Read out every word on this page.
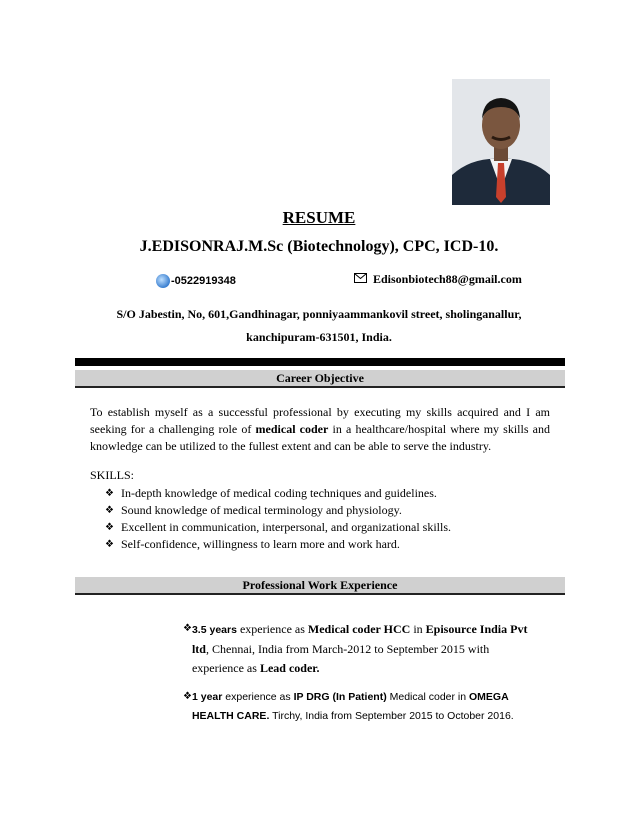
RESUME
J.EDISONRAJ.M.Sc (Biotechnology), CPC, ICD-10.
-0522919348	Edisonbiotech88@gmail.com
S/O Jabestin, No, 601,Gandhinagar, ponniyaammankovil street, sholinganallur,
kanchipuram-631501, India.
Career Objective
To establish myself as a successful professional by executing my skills acquired and I am seeking for a challenging role of medical coder in a healthcare/hospital where my skills and knowledge can be utilized to the fullest extent and can be able to serve the industry.
SKILLS:
❖ In-depth knowledge of medical coding techniques and guidelines.
❖ Sound knowledge of medical terminology and physiology.
❖ Excellent in communication, interpersonal, and organizational skills.
❖ Self-confidence, willingness to learn more and work hard.
Professional Work Experience
❖ 3.5 years experience as Medical coder HCC in Episource India Pvt ltd, Chennai, India from March-2012 to September 2015 with experience as Lead coder.
❖ 1 year experience as IP DRG (In Patient) Medical coder in OMEGA HEALTH CARE. Tirchy, India from September 2015 to October 2016.
